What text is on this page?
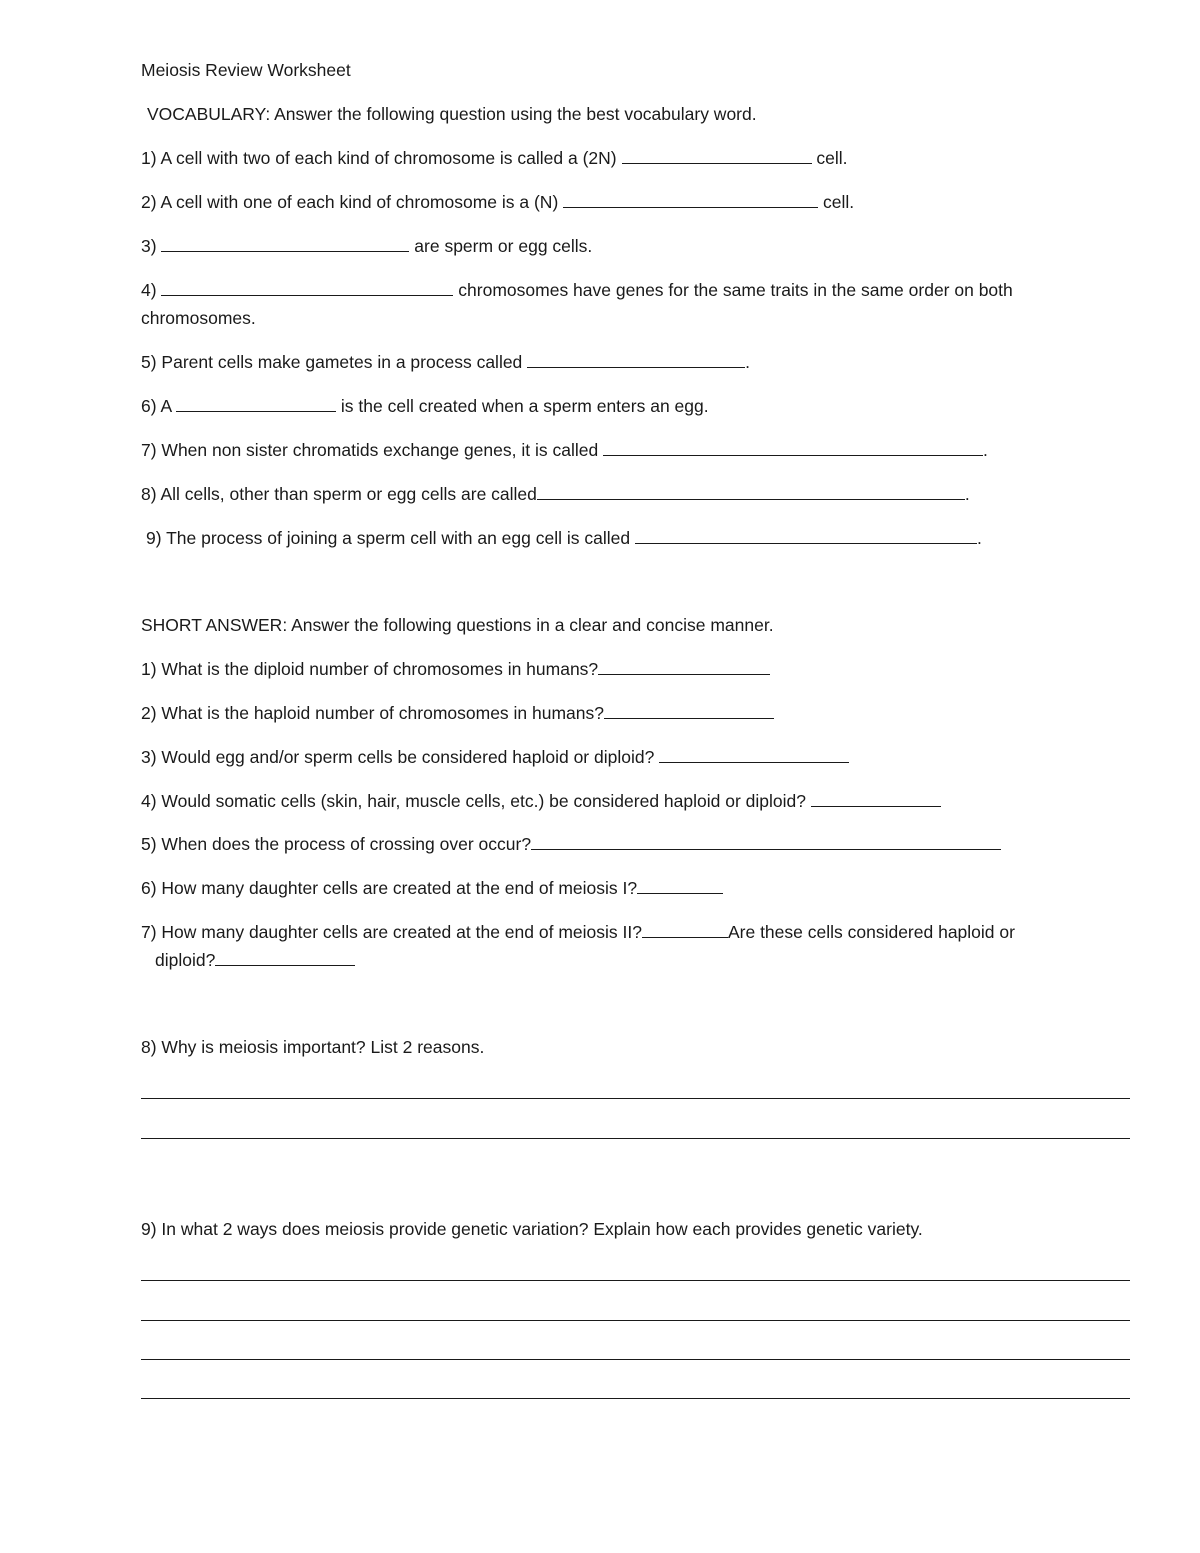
Meiosis Review Worksheet
VOCABULARY: Answer the following question using the best vocabulary word.
1) A cell with two of each kind of chromosome is called a (2N)	cell.
2) A cell with one of each kind of chromosome is a (N)	cell.
3)	are sperm or egg cells.
4)	chromosomes have genes for the same traits in the same order on both
chromosomes.
5) Parent cells make gametes in a process called	.
6) A	is the cell created when a sperm enters an egg.
7) When non sister chromatids exchange genes, it is called	.
8) All cells, other than sperm or egg cells are called	.
9) The process of joining a sperm cell with an egg cell is called	.
SHORT ANSWER: Answer the following questions in a clear and concise manner.
1) What is the diploid number of chromosomes in humans?
2) What is the haploid number of chromosomes in humans?
3) Would egg and/or sperm cells be considered haploid or diploid?
4) Would somatic cells (skin, hair, muscle cells, etc.) be considered haploid or diploid?
5) When does the process of crossing over occur?
6) How many daughter cells are created at the end of meiosis I?
7) How many daughter cells are created at the end of meiosis II?	Are these cells considered haploid or
diploid?
8) Why is meiosis important? List 2 reasons.
9) In what 2 ways does meiosis provide genetic variation? Explain how each provides genetic variety.
